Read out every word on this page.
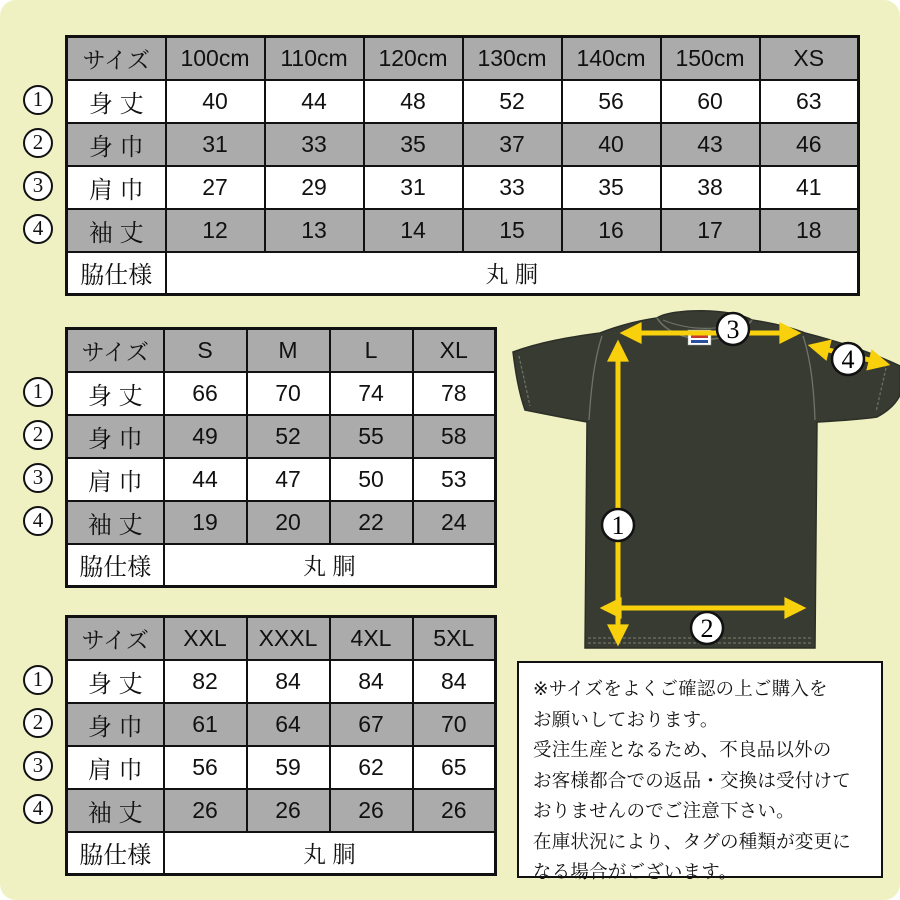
サイズ	100cm	110cm	120cm	130cm	140cm	150cm	XS
身 丈	40	44	48	52	56	60	63
身 巾	31	33	35	37	40	43	46
肩 巾	27	29	31	33	35	38	41
袖 丈	12	13	14	15	16	17	18
脇仕様	丸 胴						
1
2
3
4
サイズ	S	M	L	XL
身 丈	66	70	74	78
身 巾	49	52	55	58
肩 巾	44	47	50	53
袖 丈	19	20	22	24
脇仕様	丸 胴			
1
2
3
4
サイズ	XXL	XXXL	4XL	5XL
身 丈	82	84	84	84
身 巾	61	64	67	70
肩 巾	56	59	62	65
袖 丈	26	26	26	26
脇仕様	丸 胴			
1
2
3
4
3
4
1
2
※サイズをよくご確認の上ご購入を
お願いしております。
受注生産となるため、不良品以外の
お客様都合での返品・交換は受付けて
おりませんのでご注意下さい。
在庫状況により、タグの種類が変更に
なる場合がございます。
